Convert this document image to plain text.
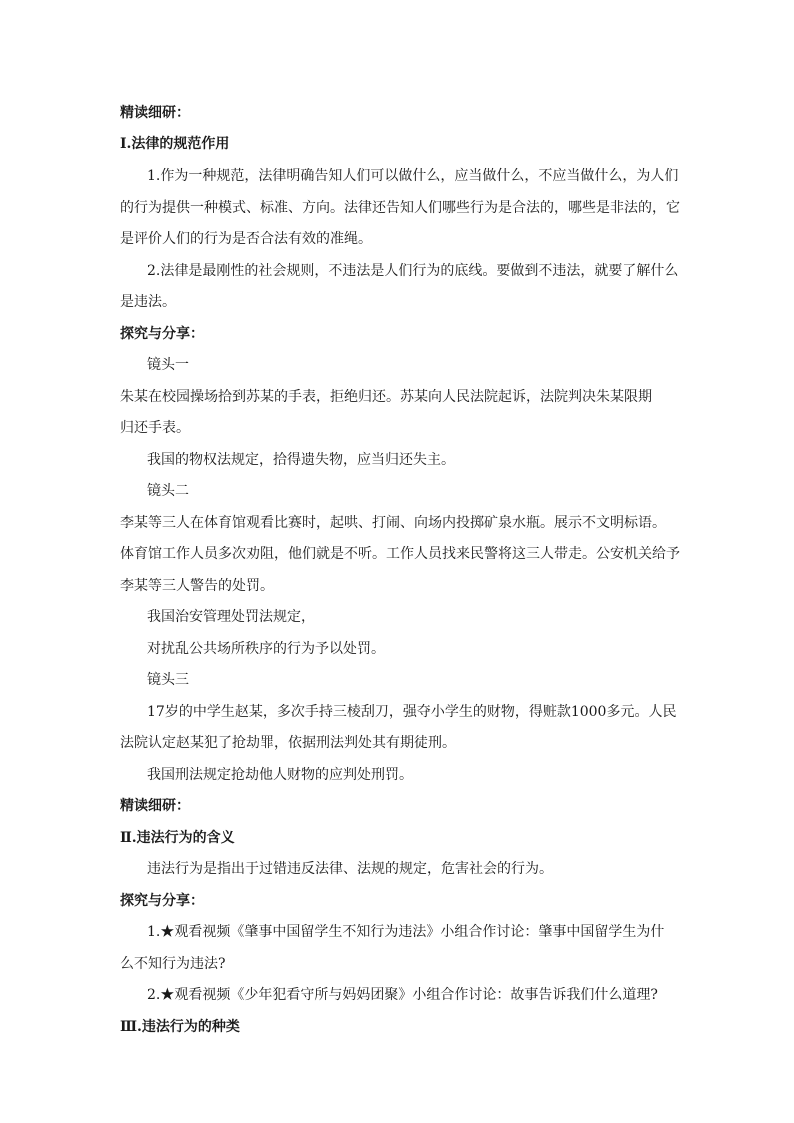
精读细研：
Ⅰ.法律的规范作用
1.作为一种规范，法律明确告知人们可以做什么，应当做什么，不应当做什么，为人们
的行为提供一种模式、标准、方向。法律还告知人们哪些行为是合法的，哪些是非法的，它
是评价人们的行为是否合法有效的准绳。
2.法律是最刚性的社会规则，不违法是人们行为的底线。要做到不违法，就要了解什么
是违法。
探究与分享：
镜头一
朱某在校园操场拾到苏某的手表，拒绝归还。苏某向人民法院起诉，法院判决朱某限期
归还手表。
我国的物权法规定，拾得遗失物，应当归还失主。
镜头二
李某等三人在体育馆观看比赛时，起哄、打闹、向场内投掷矿泉水瓶。展示不文明标语。
体育馆工作人员多次劝阻，他们就是不听。工作人员找来民警将这三人带走。公安机关给予
李某等三人警告的处罚。
我国治安管理处罚法规定，
对扰乱公共场所秩序的行为予以处罚。
镜头三
17岁的中学生赵某，多次手持三棱刮刀，强夺小学生的财物，得赃款1000多元。人民
法院认定赵某犯了抢劫罪，依据刑法判处其有期徒刑。
我国刑法规定抢劫他人财物的应判处刑罚。
精读细研：
Ⅱ.违法行为的含义
违法行为是指出于过错违反法律、法规的规定，危害社会的行为。
探究与分享：
1.★观看视频《肇事中国留学生不知行为违法》小组合作讨论：肇事中国留学生为什
么不知行为违法?
2.★观看视频《少年犯看守所与妈妈团聚》小组合作讨论：故事告诉我们什么道理?
Ⅲ.违法行为的种类
